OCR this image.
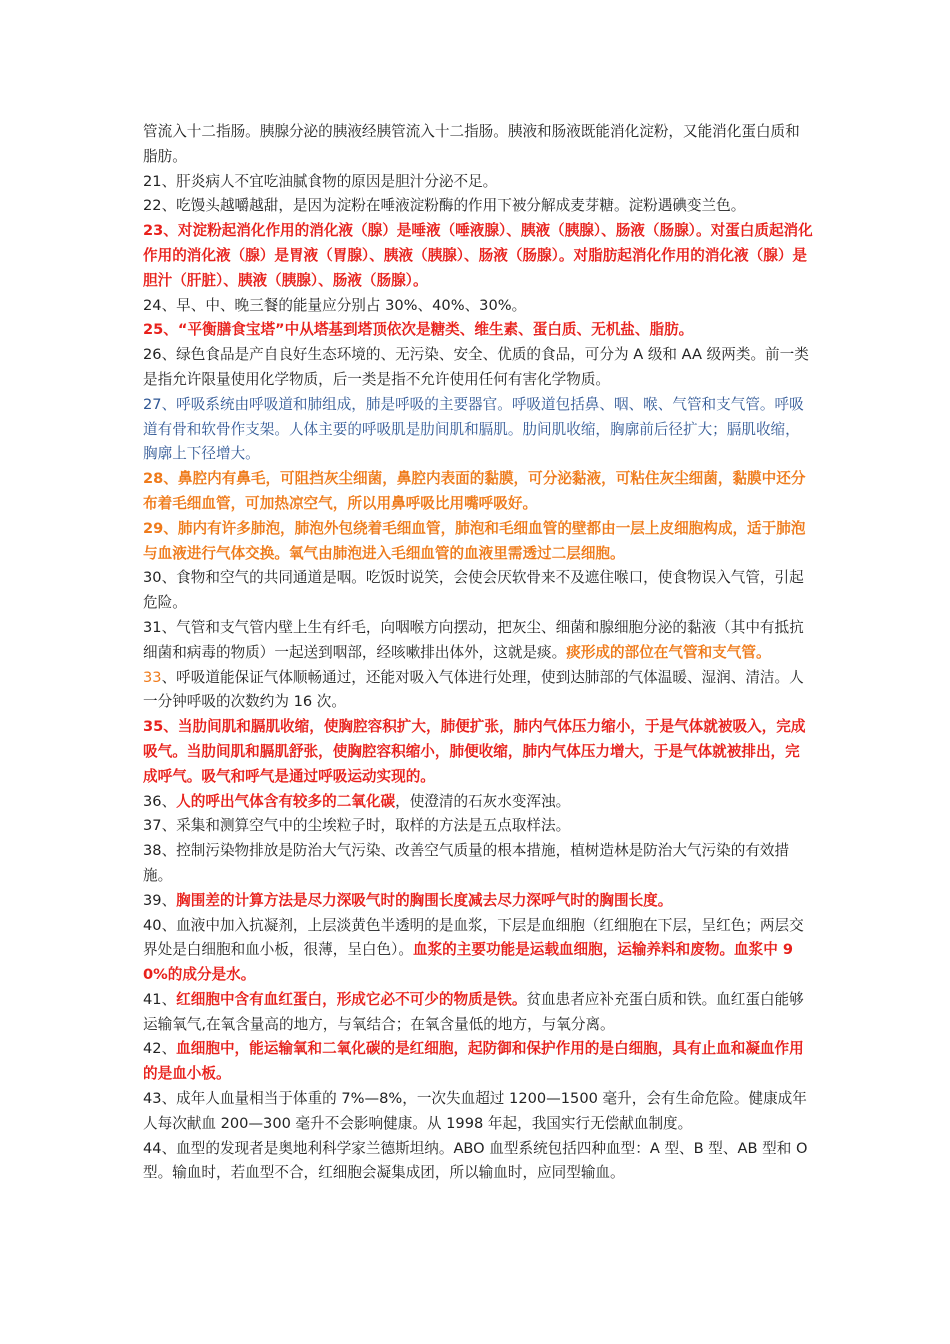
管流入十二指肠。胰腺分泌的胰液经胰管流入十二指肠。胰液和肠液既能消化淀粉，又能消化蛋白质和脂肪。

21、肝炎病人不宜吃油腻食物的原因是胆汁分泌不足。

22、吃馒头越嚼越甜，是因为淀粉在唾液淀粉酶的作用下被分解成麦芽糖。淀粉遇碘变兰色。

23、对淀粉起消化作用的消化液（腺）是唾液（唾液腺）、胰液（胰腺）、肠液（肠腺）。对蛋白质起消化作用的消化液（腺）是胃液（胃腺）、胰液（胰腺）、肠液（肠腺）。对脂肪起消化作用的消化液（腺）是胆汁（肝脏）、胰液（胰腺）、肠液（肠腺）。

24、早、中、晚三餐的能量应分别占 30%、40%、30%。

25、“平衡膳食宝塔”中从塔基到塔顶依次是糖类、维生素、蛋白质、无机盐、脂肪。

26、绿色食品是产自良好生态环境的、无污染、安全、优质的食品，可分为 A 级和 AA 级两类。前一类是指允许限量使用化学物质，后一类是指不允许使用任何有害化学物质。

27、呼吸系统由呼吸道和肺组成，肺是呼吸的主要器官。呼吸道包括鼻、咽、喉、气管和支气管。呼吸道有骨和软骨作支架。人体主要的呼吸肌是肋间肌和膈肌。肋间肌收缩，胸廓前后径扩大；膈肌收缩，胸廓上下径增大。

28、鼻腔内有鼻毛，可阻挡灰尘细菌，鼻腔内表面的黏膜，可分泌黏液，可粘住灰尘细菌，黏膜中还分布着毛细血管，可加热凉空气，所以用鼻呼吸比用嘴呼吸好。

29、肺内有许多肺泡，肺泡外包绕着毛细血管，肺泡和毛细血管的壁都由一层上皮细胞构成，适于肺泡与血液进行气体交换。氧气由肺泡进入毛细血管的血液里需透过二层细胞。

30、食物和空气的共同通道是咽。吃饭时说笑，会使会厌软骨来不及遮住喉口，使食物误入气管，引起危险。

31、气管和支气管内壁上生有纤毛，向咽喉方向摆动，把灰尘、细菌和腺细胞分泌的黏液（其中有抵抗细菌和病毒的物质）一起送到咽部，经咳嗽排出体外，这就是痰。痰形成的部位在气管和支气管。

33、呼吸道能保证气体顺畅通过，还能对吸入气体进行处理，使到达肺部的气体温暖、湿润、清洁。人一分钟呼吸的次数约为 16 次。

35、当肋间肌和膈肌收缩，使胸腔容积扩大，肺便扩张，肺内气体压力缩小，于是气体就被吸入，完成吸气。当肋间肌和膈肌舒张，使胸腔容积缩小，肺便收缩，肺内气体压力增大，于是气体就被排出，完成呼气。吸气和呼气是通过呼吸运动实现的。

36、人的呼出气体含有较多的二氧化碳，使澄清的石灰水变浑浊。

37、采集和测算空气中的尘埃粒子时，取样的方法是五点取样法。

38、控制污染物排放是防治大气污染、改善空气质量的根本措施，植树造林是防治大气污染的有效措施。

39、胸围差的计算方法是尽力深吸气时的胸围长度减去尽力深呼气时的胸围长度。

40、血液中加入抗凝剂，上层淡黄色半透明的是血浆，下层是血细胞（红细胞在下层，呈红色；两层交界处是白细胞和血小板，很薄，呈白色）。血浆的主要功能是运载血细胞，运输养料和废物。血浆中 90%的成分是水。

41、红细胞中含有血红蛋白，形成它必不可少的物质是铁。贫血患者应补充蛋白质和铁。血红蛋白能够运输氧气,在氧含量高的地方，与氧结合；在氧含量低的地方，与氧分离。

42、血细胞中，能运输氧和二氧化碳的是红细胞，起防御和保护作用的是白细胞，具有止血和凝血作用的是血小板。

43、成年人血量相当于体重的 7%—8%，一次失血超过 1200—1500 毫升，会有生命危险。健康成年人每次献血 200—300 毫升不会影响健康。从 1998 年起，我国实行无偿献血制度。

44、血型的发现者是奥地利科学家兰德斯坦纳。ABO 血型系统包括四种血型：A 型、B 型、AB 型和 O 型。输血时，若血型不合，红细胞会凝集成团，所以输血时，应同型输血。
